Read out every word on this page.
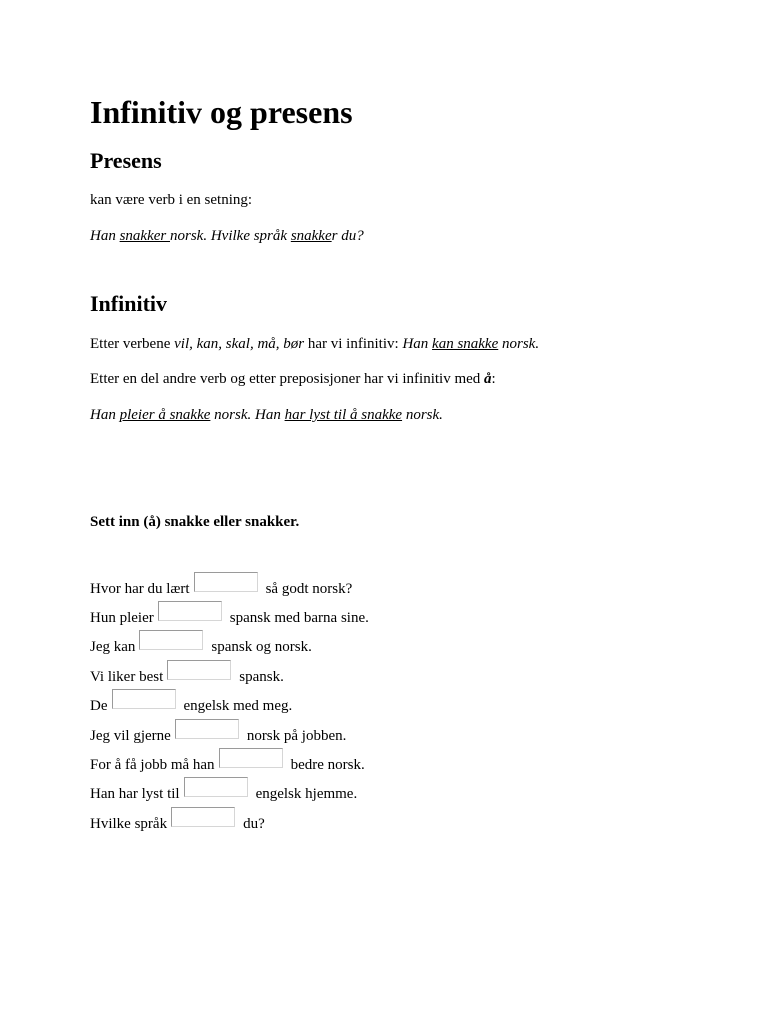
Infinitiv og presens
Presens

kan være verb i en setning:

Han snakker norsk. Hvilke språk snakker du?

Infinitiv

Etter verbene vil, kan, skal, må, bør har vi infinitiv: Han kan snakke norsk.

Etter en del andre verb og etter preposisjoner har vi infinitiv med å:

Han pleier å snakke norsk. Han har lyst til å snakke norsk.

Sett inn (å) snakke eller snakker.

Hvor har du lært	så godt norsk?
Hun pleier	spansk med barna sine.
Jeg kan	spansk og norsk.
Vi liker best	spansk.
De	engelsk med meg.
Jeg vil gjerne	norsk på jobben.
For å få jobb må han	bedre norsk.
Han har lyst til	engelsk hjemme.
Hvilke språk	du?
